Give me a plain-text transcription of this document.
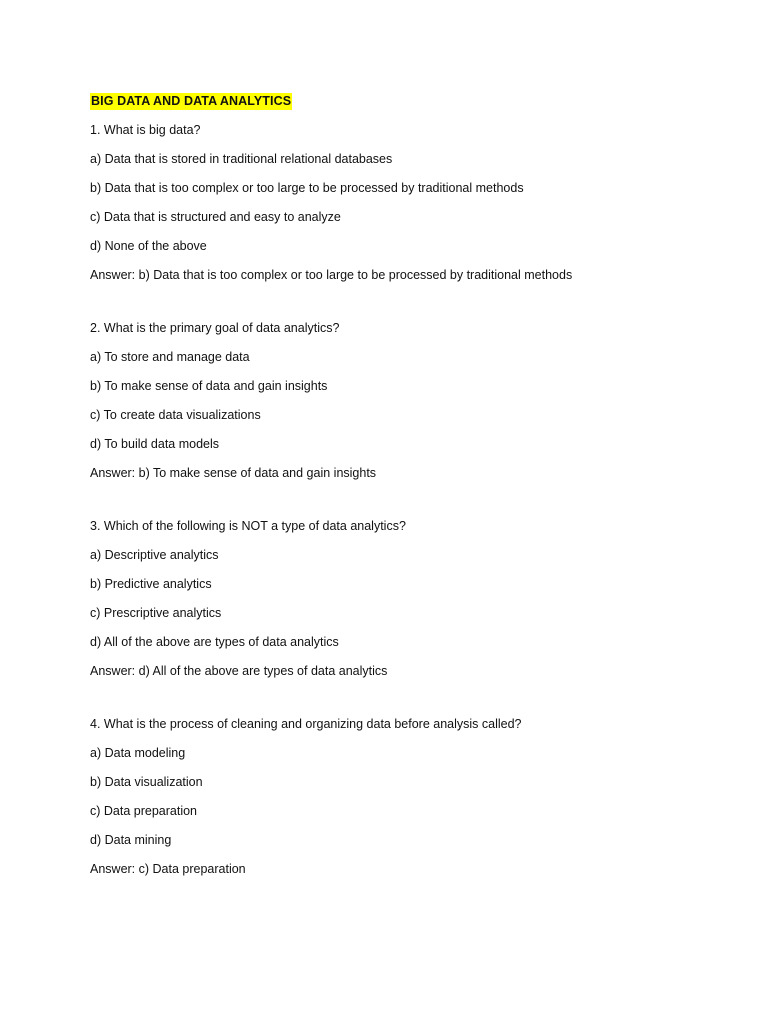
BIG DATA AND DATA ANALYTICS
1. What is big data?
a) Data that is stored in traditional relational databases
b) Data that is too complex or too large to be processed by traditional methods
c) Data that is structured and easy to analyze
d) None of the above
Answer: b) Data that is too complex or too large to be processed by traditional methods
2. What is the primary goal of data analytics?
a) To store and manage data
b) To make sense of data and gain insights
c) To create data visualizations
d) To build data models
Answer: b) To make sense of data and gain insights
3. Which of the following is NOT a type of data analytics?
a) Descriptive analytics
b) Predictive analytics
c) Prescriptive analytics
d) All of the above are types of data analytics
Answer: d) All of the above are types of data analytics
4. What is the process of cleaning and organizing data before analysis called?
a) Data modeling
b) Data visualization
c) Data preparation
d) Data mining
Answer: c) Data preparation
